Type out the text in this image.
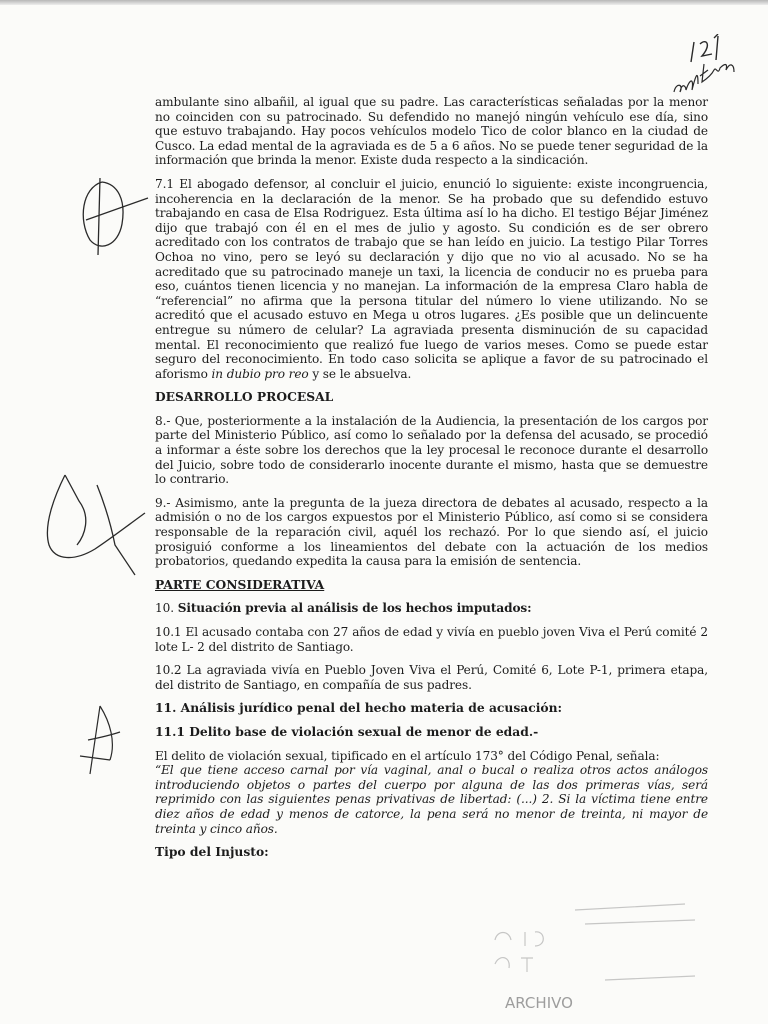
ambulante sino albañil, al igual que su padre. Las características señaladas por la menor no coinciden con su patrocinado. Su defendido no manejó ningún vehículo ese día, sino que estuvo trabajando. Hay pocos vehículos modelo Tico de color blanco en la ciudad de Cusco. La edad mental de la agraviada es de 5 a 6 años. No se puede tener seguridad de la información que brinda la menor. Existe duda respecto a la sindicación.

7.1 El abogado defensor, al concluir el juicio, enunció lo siguiente: existe incongruencia, incoherencia en la declaración de la menor. Se ha probado que su defendido estuvo trabajando en casa de Elsa Rodriguez. Esta última así lo ha dicho. El testigo Béjar Jiménez dijo que trabajó con él en el mes de julio y agosto. Su condición es de ser obrero acreditado con los contratos de trabajo que se han leído en juicio. La testigo Pilar Torres Ochoa no vino, pero se leyó su declaración y dijo que no vio al acusado. No se ha acreditado que su patrocinado maneje un taxi, la licencia de conducir no es prueba para eso, cuántos tienen licencia y no manejan. La información de la empresa Claro habla de “referencial” no afirma que la persona titular del número lo viene utilizando. No se acreditó que el acusado estuvo en Mega u otros lugares. ¿Es posible que un delincuente entregue su número de celular? La agraviada presenta disminución de su capacidad mental. El reconocimiento que realizó fue luego de varios meses. Como se puede estar seguro del reconocimiento. En todo caso solicita se aplique a favor de su patrocinado el aforismo in dubio pro reo y se le absuelva.

DESARROLLO PROCESAL

8.- Que, posteriormente a la instalación de la Audiencia, la presentación de los cargos por parte del Ministerio Público, así como lo señalado por la defensa del acusado, se procedió a informar a éste sobre los derechos que la ley procesal le reconoce durante el desarrollo del Juicio, sobre todo de considerarlo inocente durante el mismo, hasta que se demuestre lo contrario.

9.- Asimismo, ante la pregunta de la jueza directora de debates al acusado, respecto a la admisión o no de los cargos expuestos por el Ministerio Público, así como si se considera responsable de la reparación civil, aquél los rechazó. Por lo que siendo así, el juicio prosiguió conforme a los lineamientos del debate con la actuación de los medios probatorios, quedando expedita la causa para la emisión de sentencia.

PARTE CONSIDERATIVA

10. Situación previa al análisis de los hechos imputados:

10.1 El acusado contaba con 27 años de edad y vivía en pueblo joven Viva el Perú comité 2 lote L- 2 del distrito de Santiago.

10.2 La agraviada vivía en Pueblo Joven Viva el Perú, Comité 6, Lote P-1, primera etapa, del distrito de Santiago, en compañía de sus padres.

11. Análisis jurídico penal del hecho materia de acusación:

11.1 Delito base de violación sexual de menor de edad.-

El delito de violación sexual, tipificado en el artículo 173° del Código Penal, señala:

“El que tiene acceso carnal por vía vaginal, anal o bucal o realiza otros actos análogos introduciendo objetos o partes del cuerpo por alguna de las dos primeras vías, será reprimido con las siguientes penas privativas de libertad: (...) 2. Si la víctima tiene entre diez años de edad y menos de catorce, la pena será no menor de treinta, ni mayor de treinta y cinco años.

Tipo del Injusto:

ARCHIVO
